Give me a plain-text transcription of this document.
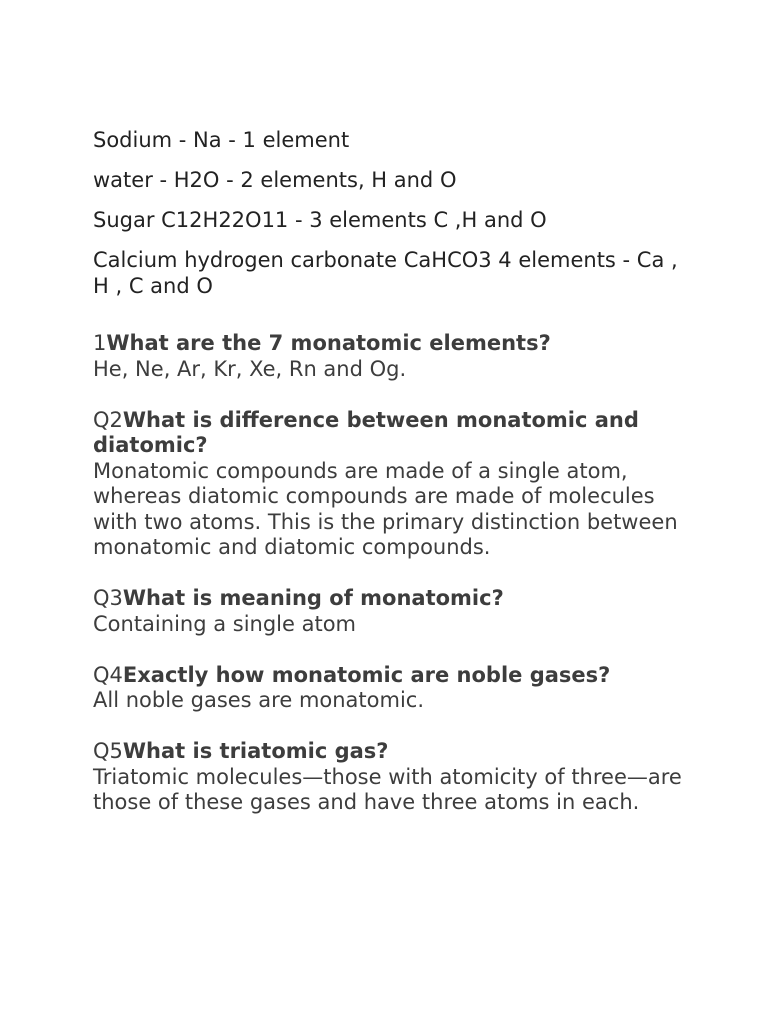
Sodium - Na - 1 element
water - H2O - 2 elements, H and O
Sugar C12H22O11 - 3 elements C ,H and O
Calcium hydrogen carbonate CaHCO3 4 elements - Ca , H , C and O
1What are the 7 monatomic elements?
He, Ne, Ar, Kr, Xe, Rn and Og.
Q2What is difference between monatomic and diatomic?
Monatomic compounds are made of a single atom, whereas diatomic compounds are made of molecules with two atoms. This is the primary distinction between monatomic and diatomic compounds.
Q3What is meaning of monatomic?
Containing a single atom
Q4Exactly how monatomic are noble gases?
All noble gases are monatomic.
Q5What is triatomic gas?
Triatomic molecules—those with atomicity of three—are those of these gases and have three atoms in each.
